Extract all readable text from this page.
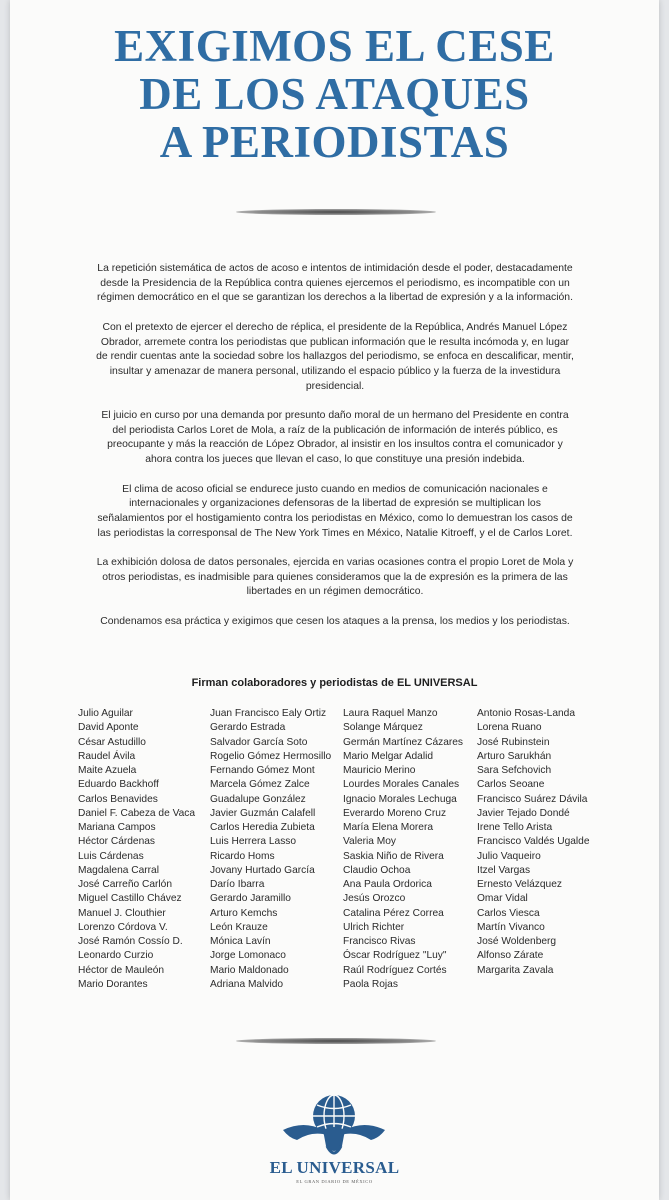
EXIGIMOS EL CESE
DE LOS ATAQUES
A PERIODISTAS

La repetición sistemática de actos de acoso e intentos de intimidación desde el poder, destacadamente desde la Presidencia de la República contra quienes ejercemos el periodismo, es incompatible con un régimen democrático en el que se garantizan los derechos a la libertad de expresión y a la información.

Con el pretexto de ejercer el derecho de réplica, el presidente de la República, Andrés Manuel López Obrador, arremete contra los periodistas que publican información que le resulta incómoda y, en lugar de rendir cuentas ante la sociedad sobre los hallazgos del periodismo, se enfoca en descalificar, mentir, insultar y amenazar de manera personal, utilizando el espacio público y la fuerza de la investidura presidencial.

El juicio en curso por una demanda por presunto daño moral de un hermano del Presidente en contra del periodista Carlos Loret de Mola, a raíz de la publicación de información de interés público, es preocupante y más la reacción de López Obrador, al insistir en los insultos contra el comunicador y ahora contra los jueces que llevan el caso, lo que constituye una presión indebida.

El clima de acoso oficial se endurece justo cuando en medios de comunicación nacionales e internacionales y organizaciones defensoras de la libertad de expresión se multiplican los señalamientos por el hostigamiento contra los periodistas en México, como lo demuestran los casos de las periodistas la corresponsal de The New York Times en México, Natalie Kitroeff, y el de Carlos Loret.

La exhibición dolosa de datos personales, ejercida en varias ocasiones contra el propio Loret de Mola y otros periodistas, es inadmisible para quienes consideramos que la de expresión es la primera de las libertades en un régimen democrático.

Condenamos esa práctica y exigimos que cesen los ataques a la prensa, los medios y los periodistas.

Firman colaboradores y periodistas de EL UNIVERSAL
Julio Aguilar
David Aponte
César Astudillo
Raudel Ávila
Maite Azuela
Eduardo Backhoff
Carlos Benavides
Daniel F. Cabeza de Vaca
Mariana Campos
Héctor Cárdenas
Luis Cárdenas
Magdalena Carral
José Carreño Carlón
Miguel Castillo Chávez
Manuel J. Clouthier
Lorenzo Córdova V.
José Ramón Cossío D.
Leonardo Curzio
Héctor de Mauleón
Mario Dorantes
Juan Francisco Ealy Ortiz
Gerardo Estrada
Salvador García Soto
Rogelio Gómez Hermosillo
Fernando Gómez Mont
Marcela Gómez Zalce
Guadalupe González
Javier Guzmán Calafell
Carlos Heredia Zubieta
Luis Herrera Lasso
Ricardo Homs
Jovany Hurtado García
Darío Ibarra
Gerardo Jaramillo
Arturo Kemchs
León Krauze
Mónica Lavín
Jorge Lomonaco
Mario Maldonado
Adriana Malvido
Laura Raquel Manzo
Solange Márquez
Germán Martínez Cázares
Mario Melgar Adalid
Mauricio Merino
Lourdes Morales Canales
Ignacio Morales Lechuga
Everardo Moreno Cruz
María Elena Morera
Valeria Moy
Saskia Niño de Rivera
Claudio Ochoa
Ana Paula Ordorica
Jesús Orozco
Catalina Pérez Correa
Ulrich Richter
Francisco Rivas
Óscar Rodríguez "Luy"
Raúl Rodríguez Cortés
Paola Rojas
Antonio Rosas-Landa
Lorena Ruano
José Rubinstein
Arturo Sarukhán
Sara Sefchovich
Carlos Seoane
Francisco Suárez Dávila
Javier Tejado Dondé
Irene Tello Arista
Francisco Valdés Ugalde
Julio Vaqueiro
Itzel Vargas
Ernesto Velázquez
Omar Vidal
Carlos Viesca
Martín Vivanco
José Woldenberg
Alfonso Zárate
Margarita Zavala
EL UNIVERSAL
EL GRAN DIARIO DE MÉXICO
